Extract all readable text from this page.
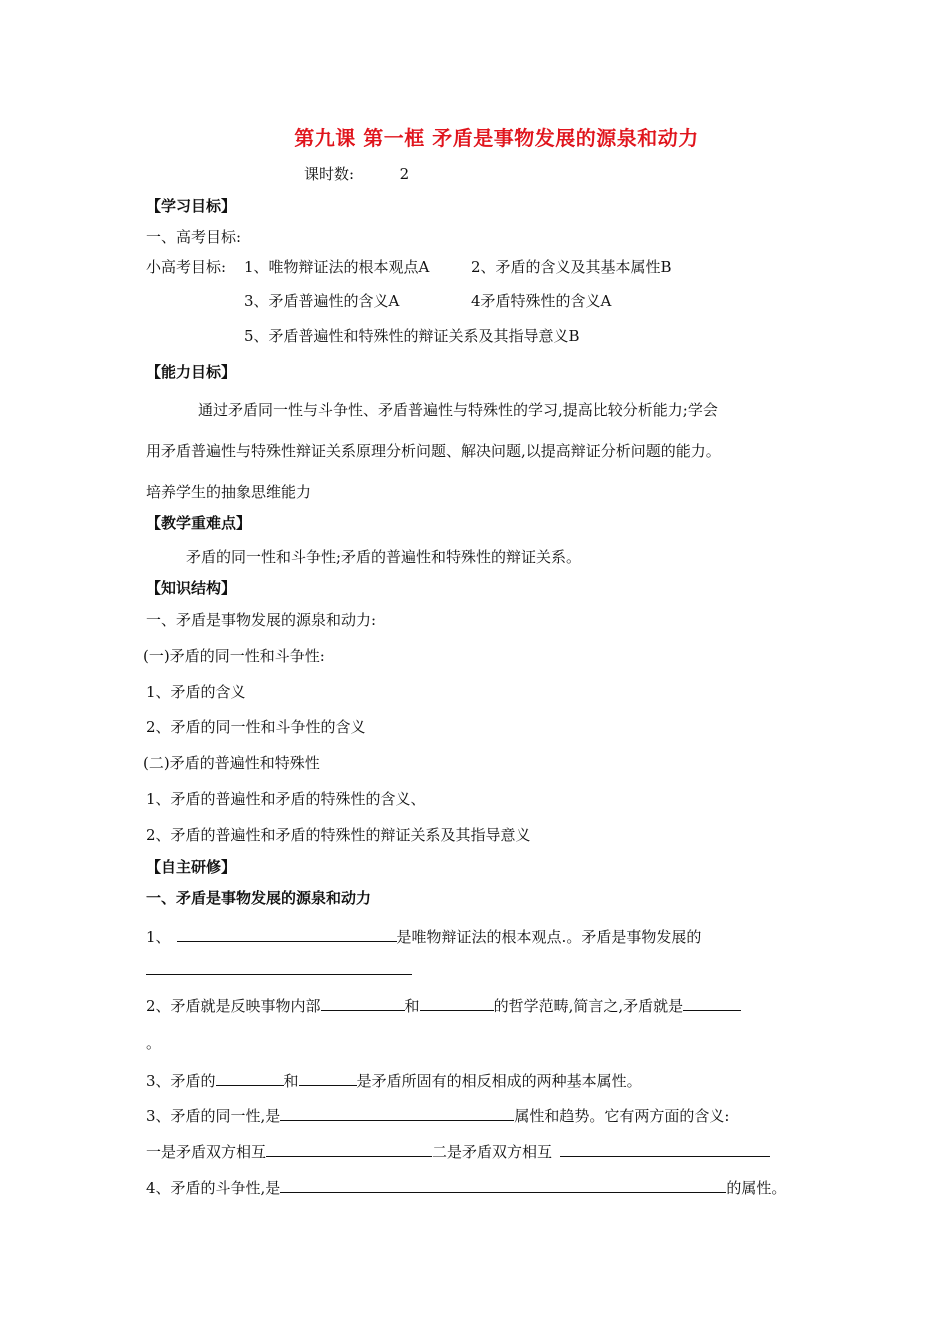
第九课 第一框 矛盾是事物发展的源泉和动力
课时数:	2
【学习目标】
一、高考目标:
小高考目标: 1、唯物辩证法的根本观点A	2、矛盾的含义及其基本属性B
3、矛盾普遍性的含义A	4矛盾特殊性的含义A
5、矛盾普遍性和特殊性的辩证关系及其指导意义B
【能力目标】
通过矛盾同一性与斗争性、矛盾普遍性与特殊性的学习,提高比较分析能力;学会
用矛盾普遍性与特殊性辩证关系原理分析问题、解决问题,以提高辩证分析问题的能力。
培养学生的抽象思维能力
【教学重难点】
矛盾的同一性和斗争性;矛盾的普遍性和特殊性的辩证关系。
【知识结构】
一、矛盾是事物发展的源泉和动力:
(一)矛盾的同一性和斗争性:
1、矛盾的含义
2、矛盾的同一性和斗争性的含义
(二)矛盾的普遍性和特殊性
1、矛盾的普遍性和矛盾的特殊性的含义、
2、矛盾的普遍性和矛盾的特殊性的辩证关系及其指导意义
【自主研修】
一、矛盾是事物发展的源泉和动力
1、	是唯物辩证法的根本观点.。矛盾是事物发展的
2、矛盾就是反映事物内部	和	的哲学范畴,简言之,矛盾就是
。
3、矛盾的	和	是矛盾所固有的相反相成的两种基本属性。
3、矛盾的同一性,是	属性和趋势。它有两方面的含义:
一是矛盾双方相互	二是矛盾双方相互
4、矛盾的斗争性,是	的属性。
